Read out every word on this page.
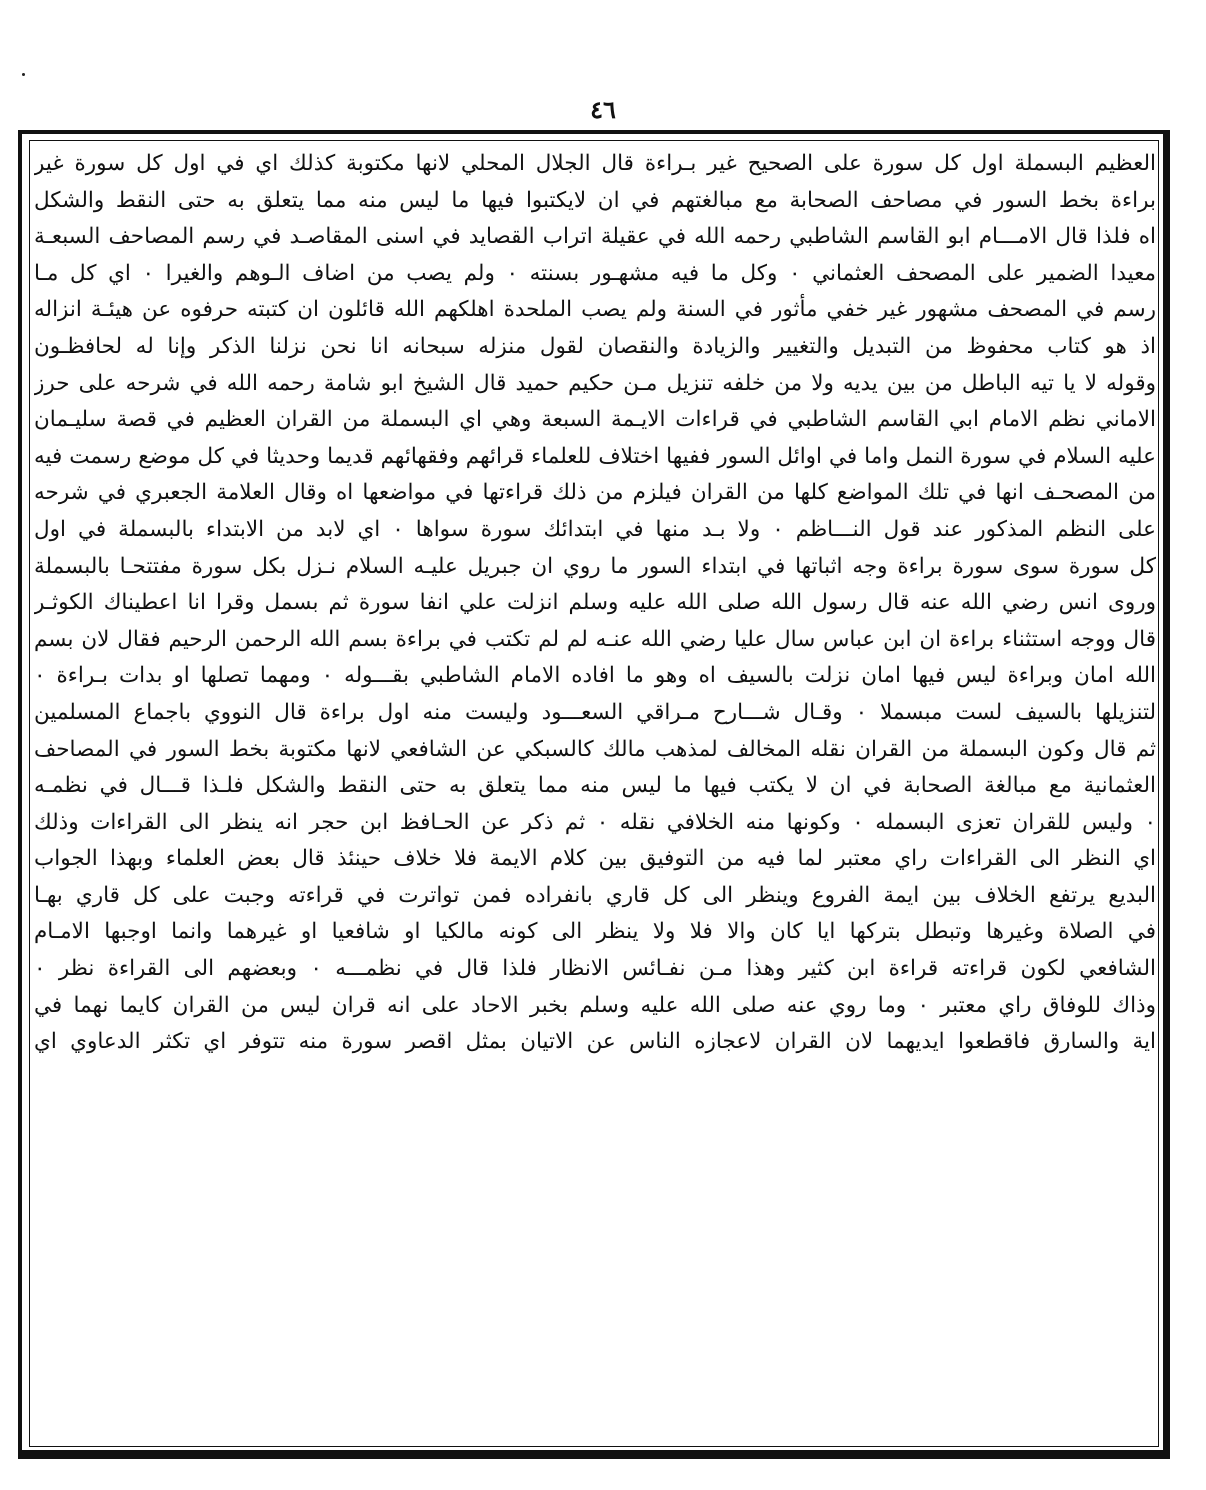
٤٦
العظيم البسملة اول كل سورة على الصحيح غير بـراءة قال الجلال المحلي لانها مكتوبة كذلك اي في اول كل سورة غير
براءة بخط السور في مصاحف الصحابة مع مبالغتهم في ان لايكتبوا فيها ما ليس منه مما يتعلق به حتى النقط والشكل
اه فلذا قال الامـــام ابو القاسم الشاطبي رحمه الله في عقيلة اتراب القصايد في اسنى المقاصـد في رسم المصاحف السبعـة
معيدا الضمير على المصحف العثماني ٠ وكل ما فيه مشهـور بسنته ٠ ولم يصب من اضاف الـوهم والغيرا ٠ اي كل مـا
رسم في المصحف مشهور غير خفي مأثور في السنة ولم يصب الملحدة اهلكهم الله قائلون ان كتبته حرفوه عن هيئـة انزاله
اذ هو كتاب محفوظ من التبديل والتغيير والزيادة والنقصان لقول منزله سبحانه انا نحن نزلنا الذكر وإنا له لحافظـون
وقوله لا يا تيه الباطل من بين يديه ولا من خلفه تنزيل مـن حكيم حميد قال الشيخ ابو شامة رحمه الله في شرحه على حرز
الاماني نظم الامام ابي القاسم الشاطبي في قراءات الايـمة السبعة وهي اي البسملة من القران العظيم في قصة سليـمان
عليه السلام في سورة النمل واما في اوائل السور ففيها اختلاف للعلماء قرائهم وفقهائهم قديما وحديثا في كل موضع رسمت فيه
من المصحـف انها في تلك المواضع كلها من القران فيلزم من ذلك قراءتها في مواضعها اه وقال العلامة الجعبري في شرحه
على النظم المذكور عند قول النـــاظم ٠ ولا بـد منها في ابتدائك سورة سواها ٠ اي لابد من الابتداء بالبسملة في اول
كل سورة سوى سورة براءة وجه اثباتها في ابتداء السور ما روي ان جبريل عليـه السلام نـزل بكل سورة مفتتحـا بالبسملة
وروى انس رضي الله عنه قال رسول الله صلى الله عليه وسلم انزلت علي انفا سورة ثم بسمل وقرا انا اعطيناك الكوثـر
قال ووجه استثناء براءة ان ابن عباس سال عليا رضي الله عنـه لم لم تكتب في براءة بسم الله الرحمن الرحيم فقال لان بسم
الله امان وبراءة ليس فيها امان نزلت بالسيف اه وهو ما افاده الامام الشاطبي بقـــوله ٠ ومهما تصلها او بدات بـراءة ٠
لتنزيلها بالسيف لست مبسملا ٠ وقـال شـــارح مـراقي السعـــود وليست منه اول براءة قال النووي باجماع المسلمين
ثم قال وكون البسملة من القران نقله المخالف لمذهب مالك كالسبكي عن الشافعي لانها مكتوبة بخط السور في المصاحف
العثمانية مع مبالغة الصحابة في ان لا يكتب فيها ما ليس منه مما يتعلق به حتى النقط والشكل فلـذا قـــال في نظمـه
٠ وليس للقران تعزى البسمله ٠ وكونها منه الخلافي نقله ٠ ثم ذكر عن الحـافظ ابن حجر انه ينظر الى القراءات وذلك
اي النظر الى القراءات راي معتبر لما فيه من التوفيق بين كلام الايمة فلا خلاف حينئذ قال بعض العلماء وبهذا الجواب
البديع يرتفع الخلاف بين ايمة الفروع وينظر الى كل قاري بانفراده فمن تواترت في قراءته وجبت على كل قاري بهـا
في الصلاة وغيرها وتبطل بتركها ايا كان والا فلا ولا ينظر الى كونه مالكيا او شافعيا او غيرهما وانما اوجبها الامـام
الشافعي لكون قراءته قراءة ابن كثير وهذا مـن نفـائس الانظار فلذا قال في نظمـــه ٠ وبعضهم الى القراءة نظر ٠
وذاك للوفاق راي معتبر ٠ وما روي عنه صلى الله عليه وسلم بخبر الاحاد على انه قران ليس من القران كايما نهما في
اية والسارق فاقطعوا ايديهما لان القران لاعجازه الناس عن الاتيان بمثل اقصر سورة منه تتوفر اي تكثر الدعاوي اي
